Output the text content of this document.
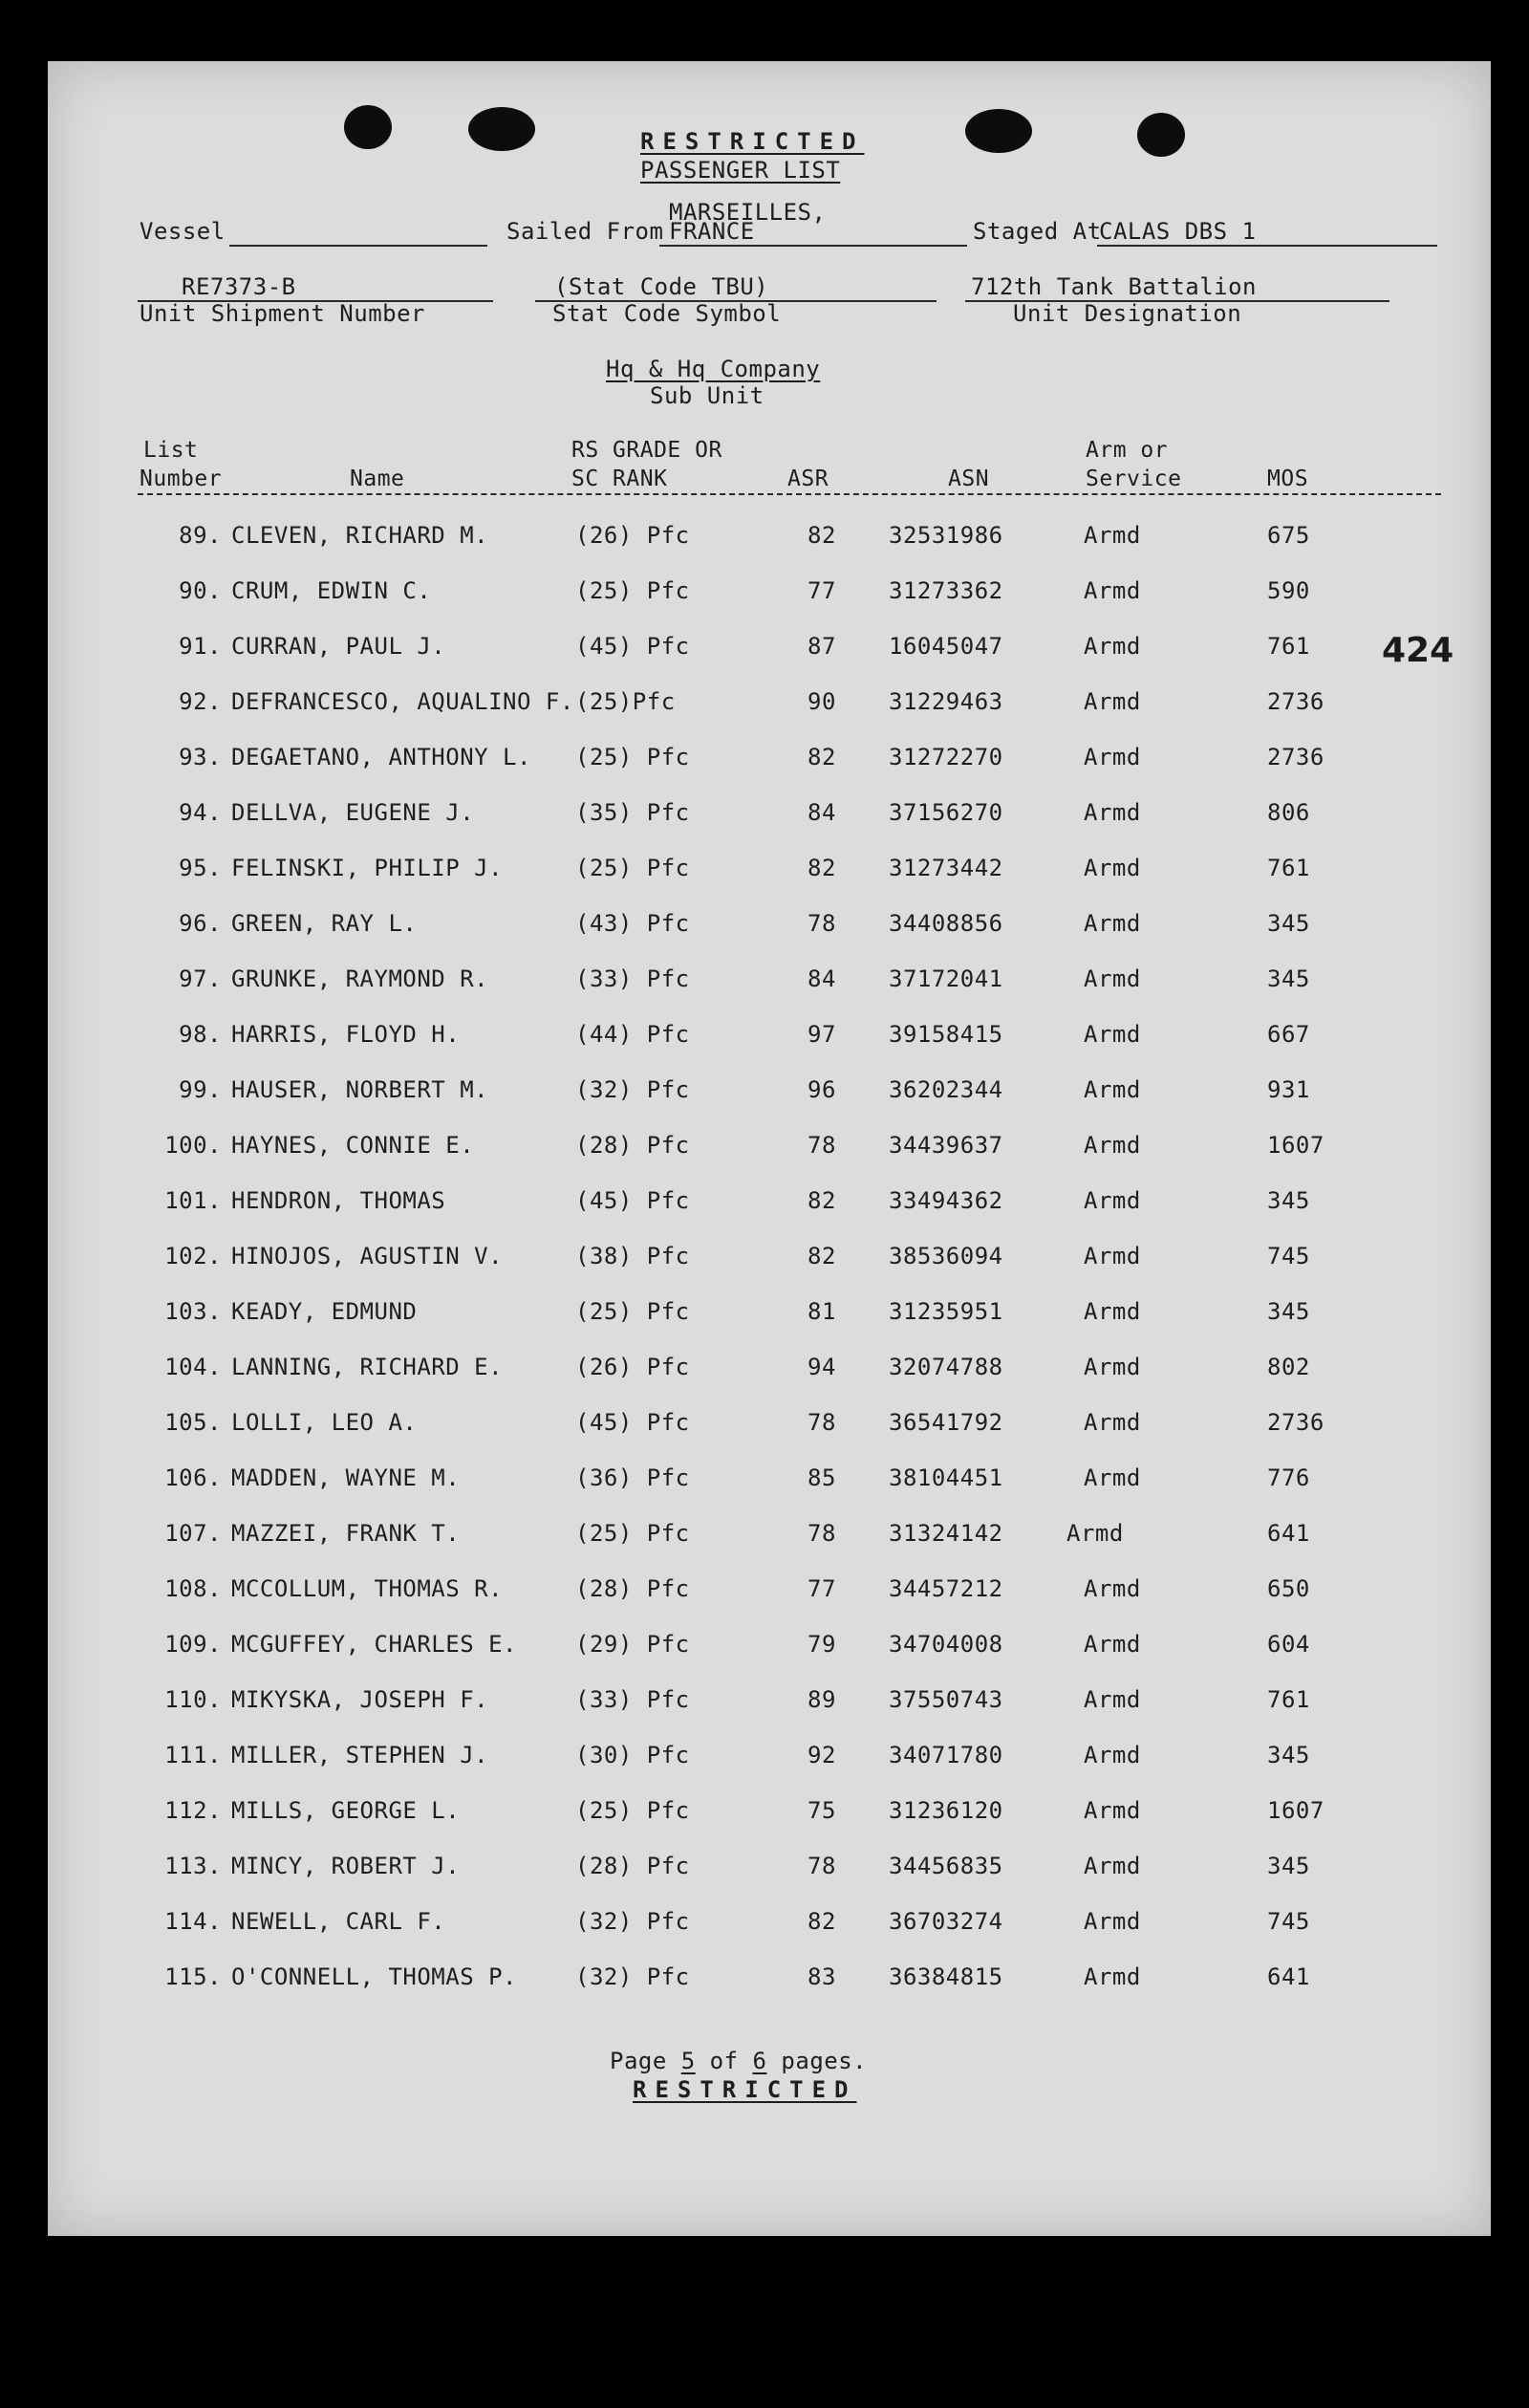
RESTRICTED
PASSENGER LIST
Vessel	Sailed From
MARSEILLES,
FRANCE	Staged At
CALAS DBS 1
RE7373-B
Unit Shipment Number
(Stat Code TBU)
Stat Code Symbol
712th Tank Battalion
Unit Designation
Hq & Hq Company
Sub Unit
424
List
Number	Name
RS GRADE OR
SC RANK	ASR	ASN
Arm or
Service	MOS
89. CLEVEN, RICHARD M.	(26) Pfc	82	32531986	Armd	675
90. CRUM, EDWIN C.	(25) Pfc	77	31273362	Armd	590
91. CURRAN, PAUL J.	(45) Pfc	87	16045047	Armd	761
92. DEFRANCESCO, AQUALINO F. (25)Pfc	90	31229463	Armd	2736
93. DEGAETANO, ANTHONY L. (25) Pfc	82	31272270	Armd	2736
94. DELLVA, EUGENE J.	(35) Pfc	84	37156270	Armd	806
95. FELINSKI, PHILIP J.	(25) Pfc	82	31273442	Armd	761
96. GREEN, RAY L.	(43) Pfc	78	34408856	Armd	345
97. GRUNKE, RAYMOND R.	(33) Pfc	84	37172041	Armd	345
98. HARRIS, FLOYD H.	(44) Pfc	97	39158415	Armd	667
99. HAUSER, NORBERT M.	(32) Pfc	96	36202344	Armd	931
100. HAYNES, CONNIE E.	(28) Pfc	78	34439637	Armd	1607
101. HENDRON, THOMAS	(45) Pfc	82	33494362	Armd	345
102. HINOJOS, AGUSTIN V.	(38) Pfc	82	38536094	Armd	745
103. KEADY, EDMUND	(25) Pfc	81	31235951	Armd	345
104. LANNING, RICHARD E.	(26) Pfc	94	32074788	Armd	802
105. LOLLI, LEO A.	(45) Pfc	78	36541792	Armd	2736
106. MADDEN, WAYNE M.	(36) Pfc	85	38104451	Armd	776
107. MAZZEI, FRANK T.	(25) Pfc	78	31324142	Armd	641
108. MCCOLLUM, THOMAS R.	(28) Pfc	77	34457212	Armd	650
109. MCGUFFEY, CHARLES E.	(29) Pfc	79	34704008	Armd	604
110. MIKYSKA, JOSEPH F.	(33) Pfc	89	37550743	Armd	761
111. MILLER, STEPHEN J.	(30) Pfc	92	34071780	Armd	345
112. MILLS, GEORGE L.	(25) Pfc	75	31236120	Armd	1607
113. MINCY, ROBERT J.	(28) Pfc	78	34456835	Armd	345
114. NEWELL, CARL F.	(32) Pfc	82	36703274	Armd	745
115. O'CONNELL, THOMAS P.	(32) Pfc	83	36384815	Armd	641
Page 5 of 6 pages.
RESTRICTED
